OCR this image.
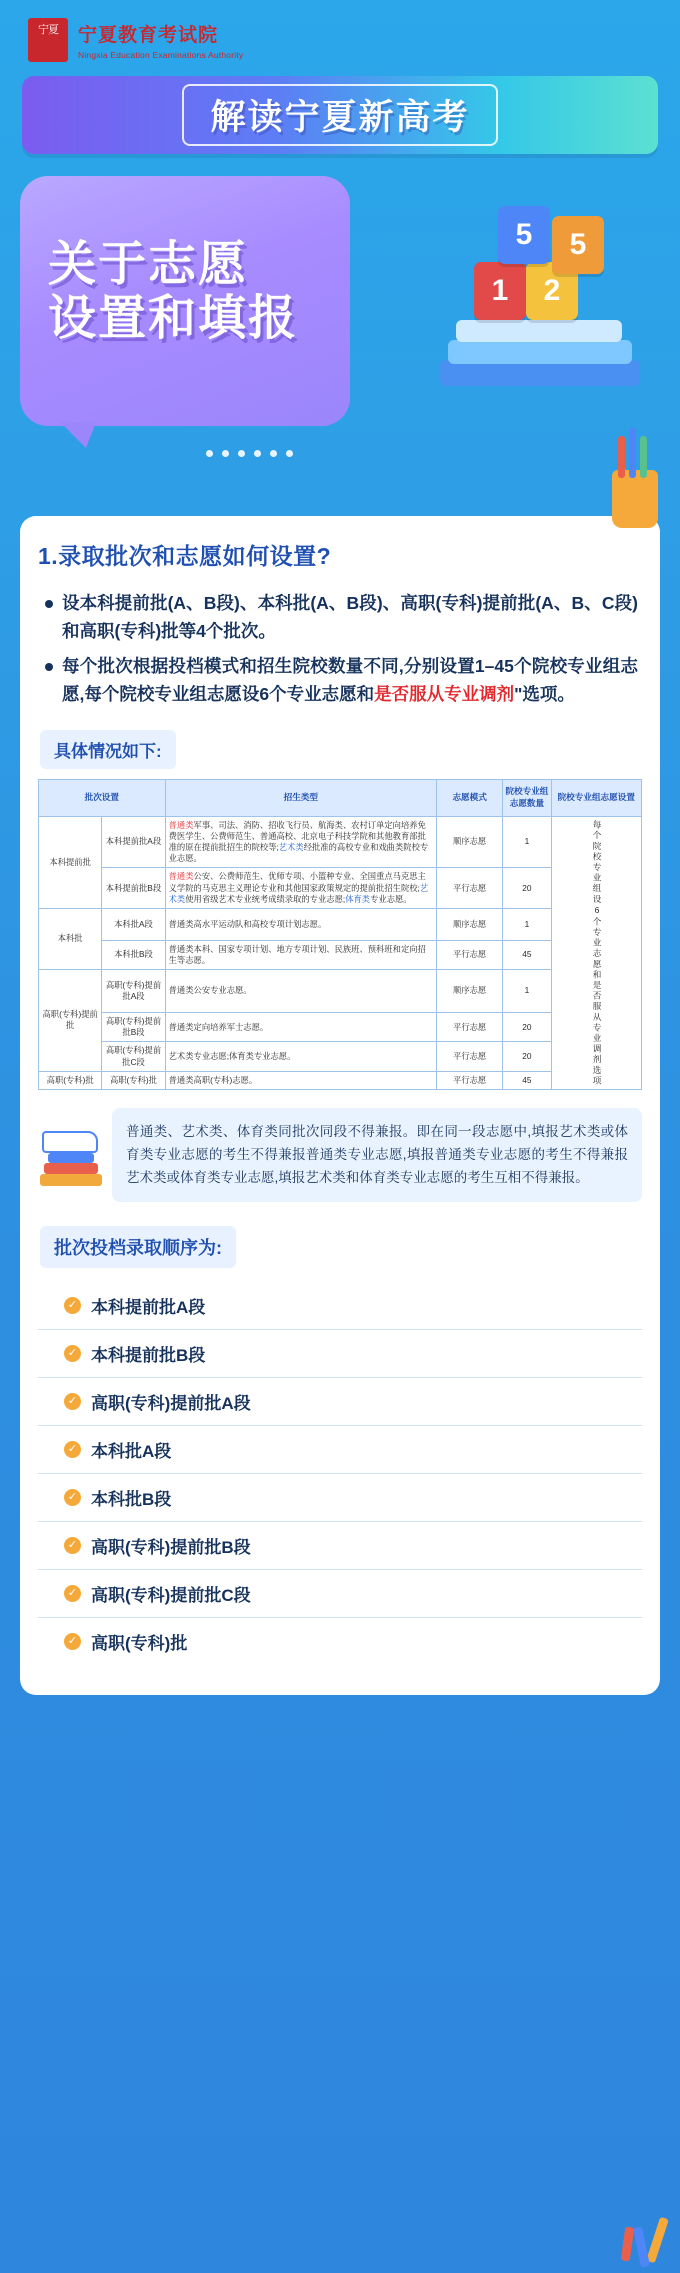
宁夏	宁夏教育考试院
Ningxia Education Examinations Authority
解读宁夏新高考
关于志愿
设置和填报
1	2
5	5
1.录取批次和志愿如何设置?
设本科提前批(A、B段)、本科批(A、B段)、高职(专科)提前批(A、B、C段)和高职(专科)批等4个批次。
每个批次根据投档模式和招生院校数量不同,分别设置1–45个院校专业组志愿,每个院校专业组志愿设6个专业志愿和是否服从专业调剂"选项。
具体情况如下:
批次设置		招生类型	志愿模式	院校专业组志愿数量	院校专业组志愿设置
本科提前批	本科提前批A段	普通类军事、司法、消防、招收飞行员、航海类、农村订单定向培养免费医学生、公费师范生、普通高校、北京电子科技学院和其他教育部批准的原在提前批招生的院校等;艺术类经批准的高校专业和戏曲类院校专业志愿。	顺序志愿	1	每个院校专业组设6个专业志愿和是否服从专业调剂选项

	本科提前批B段	普通类公安、公费师范生、优师专项、小篮种专业、全国重点马克思主义学院的马克思主义理论专业和其他国家政策规定的提前批招生院校;艺术类使用省级艺术专业统考成绩录取的专业志愿;体育类专业志愿。	平行志愿	20	
本科批	本科批A段	普通类高水平运动队和高校专项计划志愿。	顺序志愿	1	
	本科批B段	普通类本科、国家专项计划、地方专项计划、民族班、预科班和定向招生等志愿。	平行志愿	45	
高职(专科)提前批	高职(专科)提前批A段	普通类公安专业志愿。	顺序志愿	1	
	高职(专科)提前批B段	普通类定向培养军士志愿。	平行志愿	20	
	高职(专科)提前批C段	艺术类专业志愿;体育类专业志愿。	平行志愿	20	
高职(专科)批	高职(专科)批	普通类高职(专科)志愿。	平行志愿	45	
普通类、艺术类、体育类同批次同段不得兼报。即在同一段志愿中,填报艺术类或体育类专业志愿的考生不得兼报普通类专业志愿,填报普通类专业志愿的考生不得兼报艺术类或体育类专业志愿,填报艺术类和体育类专业志愿的考生互相不得兼报。
批次投档录取顺序为:
✓ 本科提前批A段
✓ 本科提前批B段
✓ 高职(专科)提前批A段
✓ 本科批A段
✓ 本科批B段
✓ 高职(专科)提前批B段
✓ 高职(专科)提前批C段
✓ 高职(专科)批
